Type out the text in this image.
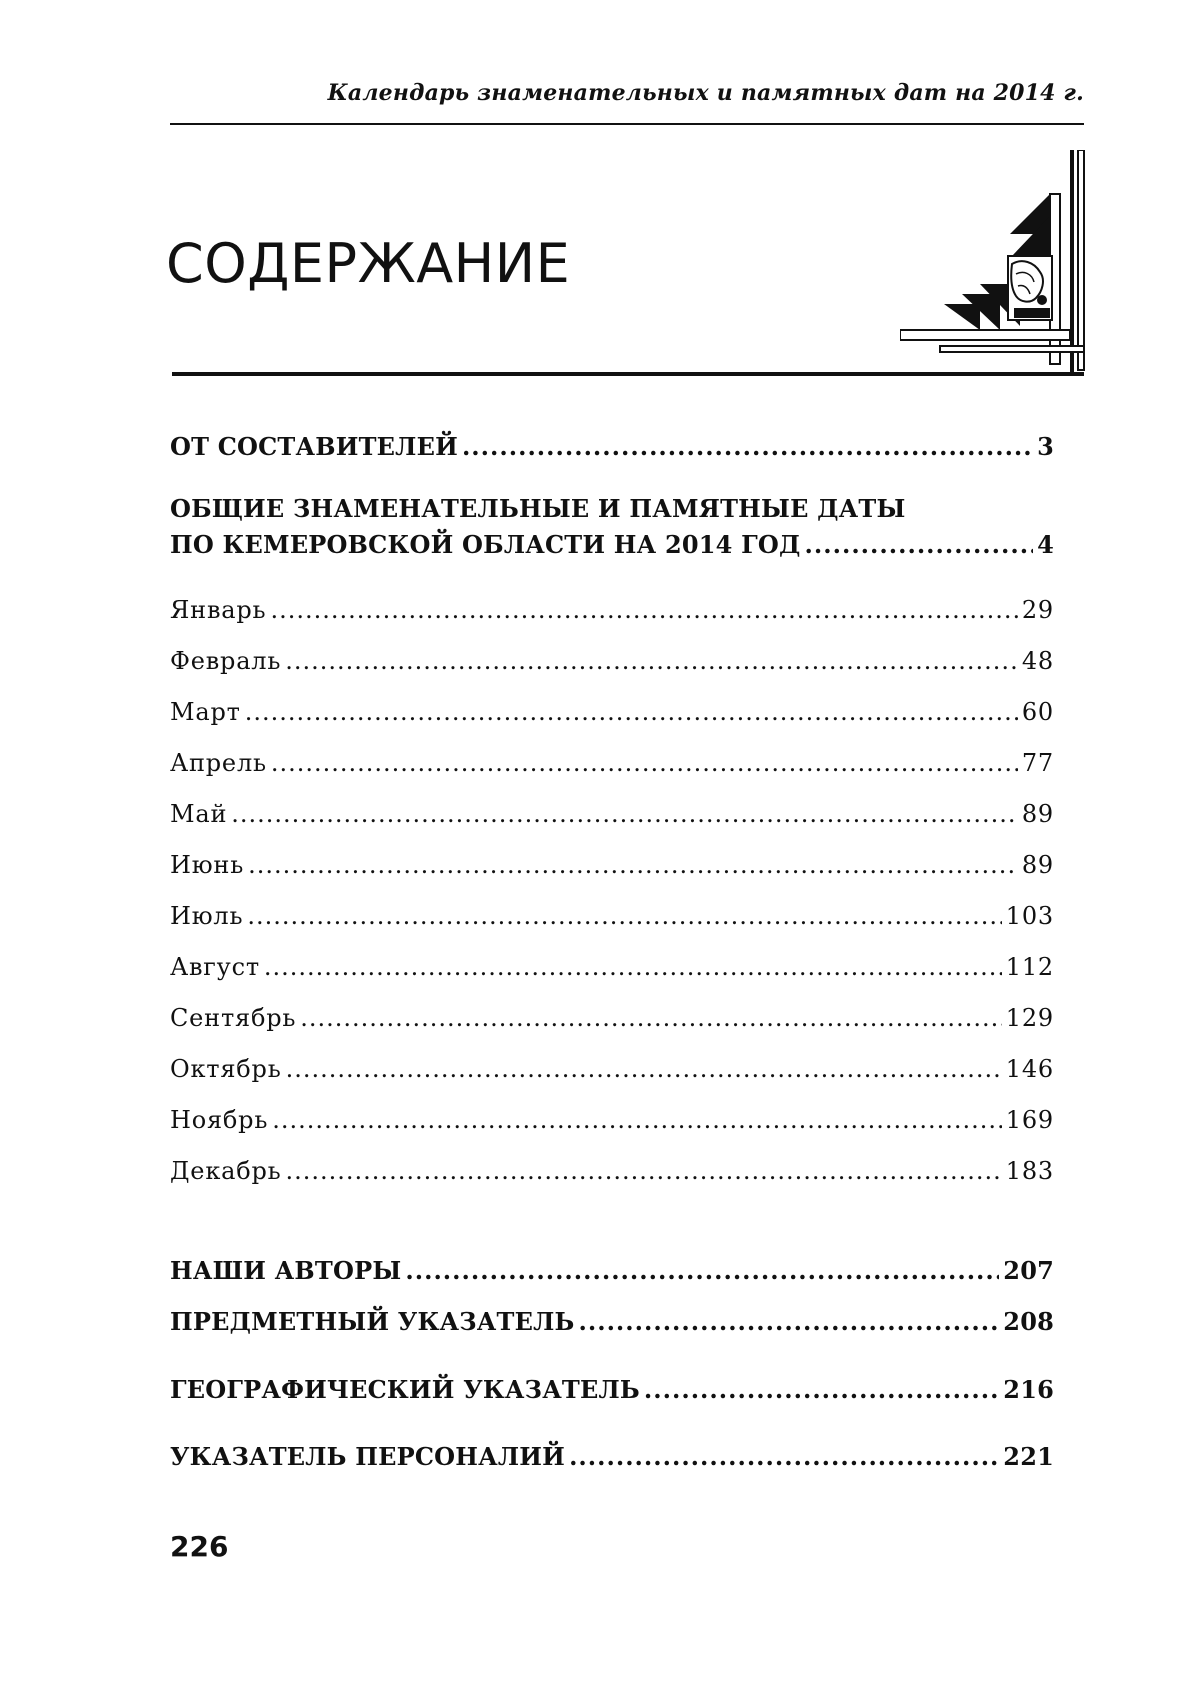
Календарь знаменательных и памятных дат на 2014 г.
СОДЕРЖАНИЕ
ОТ СОСТАВИТЕЛЕЙ .....	3
ОБЩИЕ ЗНАМЕНАТЕЛЬНЫЕ И ПАМЯТНЫЕ ДАТЫ
ПО КЕМЕРОВСКОЙ ОБЛАСТИ НА 2014 ГОД .....	4
Январь .....	29
Февраль .....	48
Март .....	60
Апрель .....	77
Май .....	89
Июнь .....	89
Июль .....	103
Август .....	112
Сентябрь .....	129
Октябрь .....	146
Ноябрь .....	169
Декабрь .....	183
НАШИ АВТОРЫ .....	207
ПРЕДМЕТНЫЙ УКАЗАТЕЛЬ .....	208
ГЕОГРАФИЧЕСКИЙ УКАЗАТЕЛЬ .....	216
УКАЗАТЕЛЬ ПЕРСОНАЛИЙ .....	221
226
